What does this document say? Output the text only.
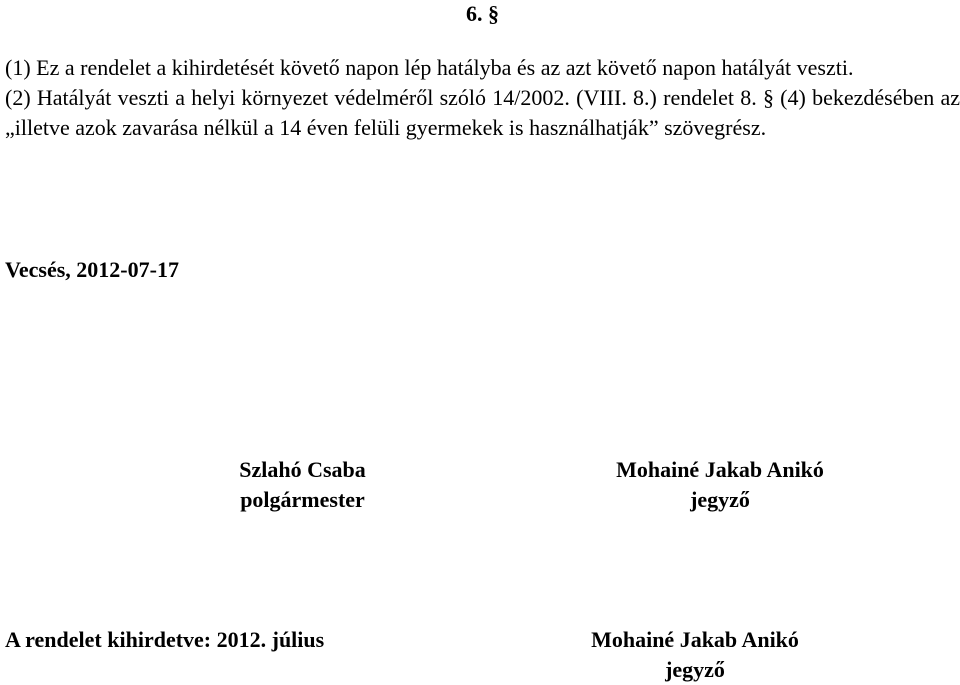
6. §

(1) Ez a rendelet a kihirdetését követő napon lép hatályba és az azt követő napon hatályát veszti.

(2) Hatályát veszti a helyi környezet védelméről szóló 14/2002. (VIII. 8.) rendelet 8. § (4) bekezdésében az „illetve azok zavarása nélkül a 14 éven felüli gyermekek is használhatják” szövegrész.

Vecsés, 2012-07-17
Szlahó Csaba
polgármester
Mohainé Jakab Anikó
jegyző
A rendelet kihirdetve: 2012. július	Mohainé Jakab Anikó
jegyző
